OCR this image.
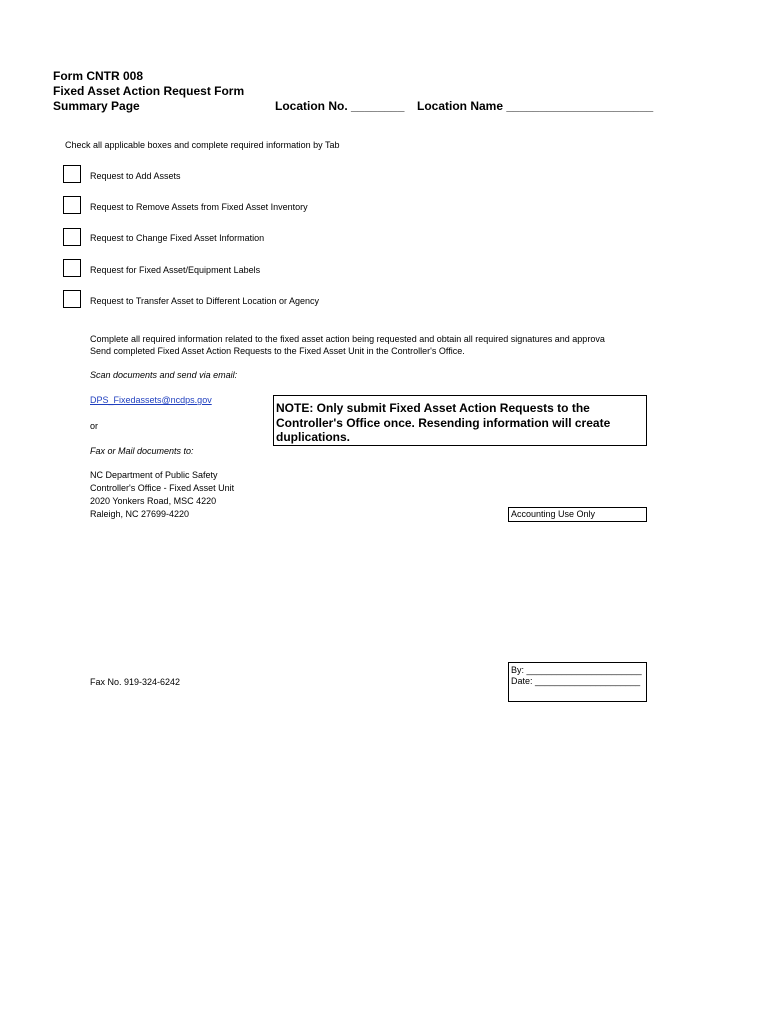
Form CNTR 008
Fixed Asset Action Request Form
Summary Page	Location No. ________ Location Name ______________________
Check all applicable boxes and complete required information by Tab
Request to Add Assets
Request to Remove Assets from Fixed Asset Inventory
Request to Change Fixed Asset Information
Request for Fixed Asset/Equipment Labels
Request to Transfer Asset to Different Location or Agency
Complete all required information related to the fixed asset action being requested and obtain all required signatures and approva
Send completed Fixed Asset Action Requests to the Fixed Asset Unit in the Controller's Office.
Scan documents and send via email:
DPS_Fixedassets@ncdps.gov
or
Fax or Mail documents to:
NC Department of Public Safety
Controller's Office - Fixed Asset Unit
2020 Yonkers Road, MSC 4220
Raleigh, NC 27699-4220
NOTE: Only submit Fixed Asset Action Requests to the Controller's Office once. Resending information will create duplications.
Accounting Use Only
Fax No. 919-324-6242
By: _______________________
Date: _____________________
